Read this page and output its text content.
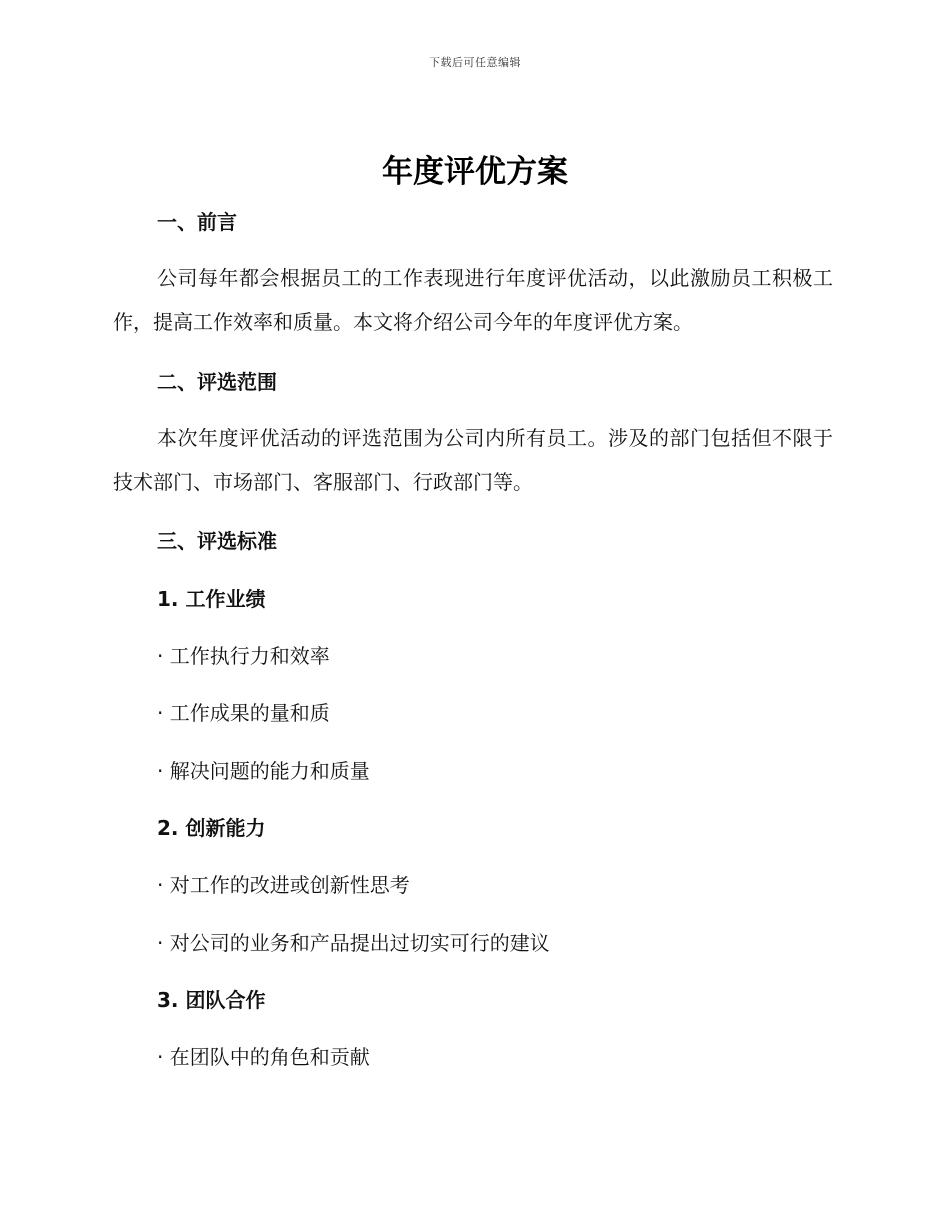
下载后可任意编辑
年度评优方案
一、前言
公司每年都会根据员工的工作表现进行年度评优活动，以此激励员工积极工作，提高工作效率和质量。本文将介绍公司今年的年度评优方案。
二、评选范围
本次年度评优活动的评选范围为公司内所有员工。涉及的部门包括但不限于技术部门、市场部门、客服部门、行政部门等。
三、评选标准
1. 工作业绩
· 工作执行力和效率
· 工作成果的量和质
· 解决问题的能力和质量
2. 创新能力
· 对工作的改进或创新性思考
· 对公司的业务和产品提出过切实可行的建议
3. 团队合作
· 在团队中的角色和贡献
